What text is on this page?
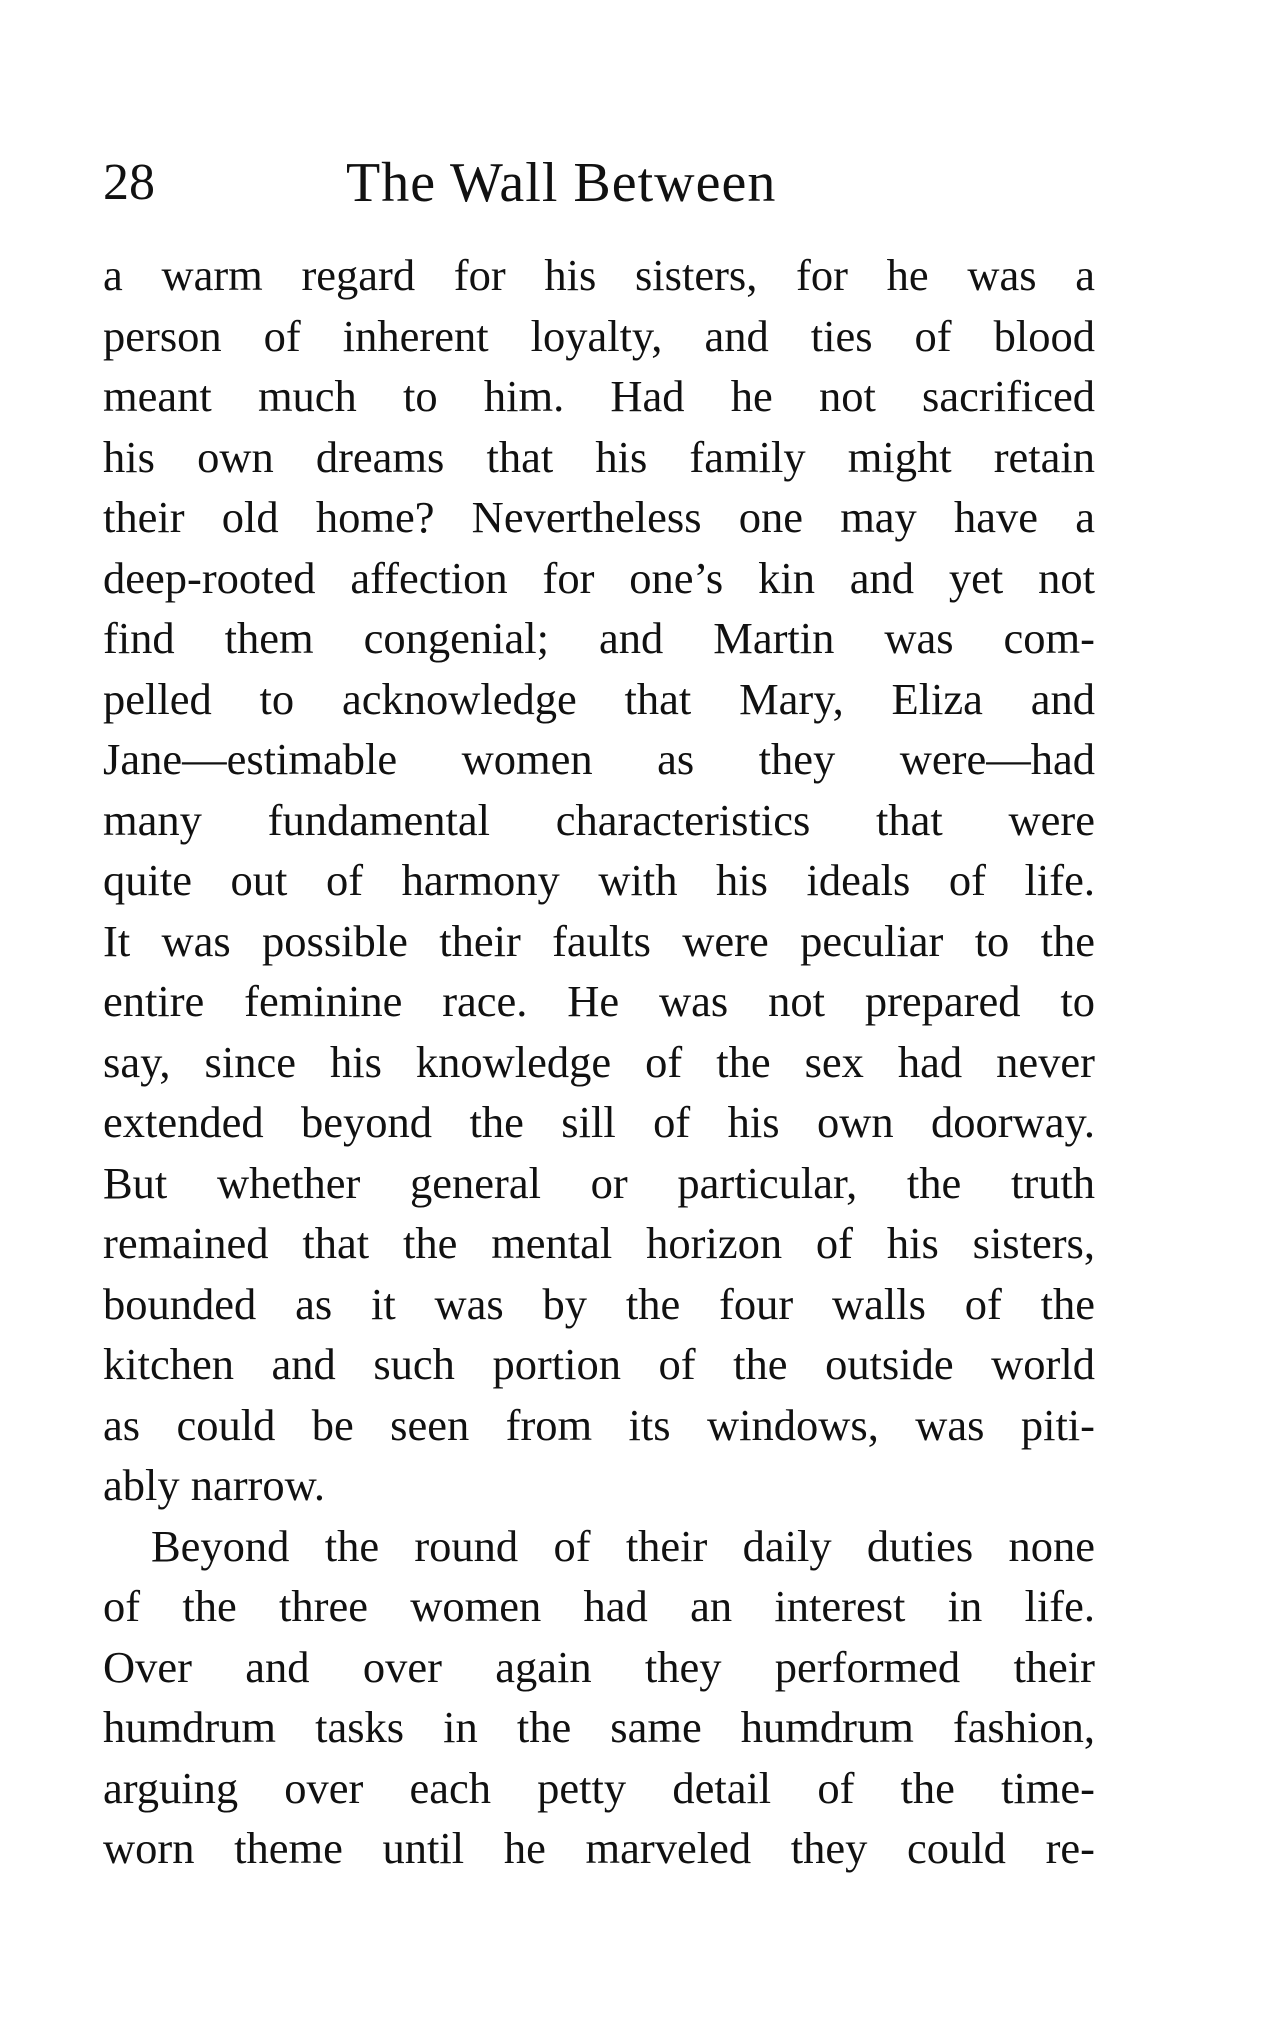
28	The Wall Between
a warm regard for his sisters, for he was a
person of inherent loyalty, and ties of blood
meant much to him. Had he not sacrificed
his own dreams that his family might retain
their old home? Nevertheless one may have a
deep-rooted affection for one’s kin and yet not
find them congenial; and Martin was com-
pelled to acknowledge that Mary, Eliza and
Jane—estimable women as they were—had
many fundamental characteristics that were
quite out of harmony with his ideals of life.
It was possible their faults were peculiar to the
entire feminine race. He was not prepared to
say, since his knowledge of the sex had never
extended beyond the sill of his own doorway.
But whether general or particular, the truth
remained that the mental horizon of his sisters,
bounded as it was by the four walls of the
kitchen and such portion of the outside world
as could be seen from its windows, was piti-
ably narrow.
Beyond the round of their daily duties none
of the three women had an interest in life.
Over and over again they performed their
humdrum tasks in the same humdrum fashion,
arguing over each petty detail of the time-
worn theme until he marveled they could re-
